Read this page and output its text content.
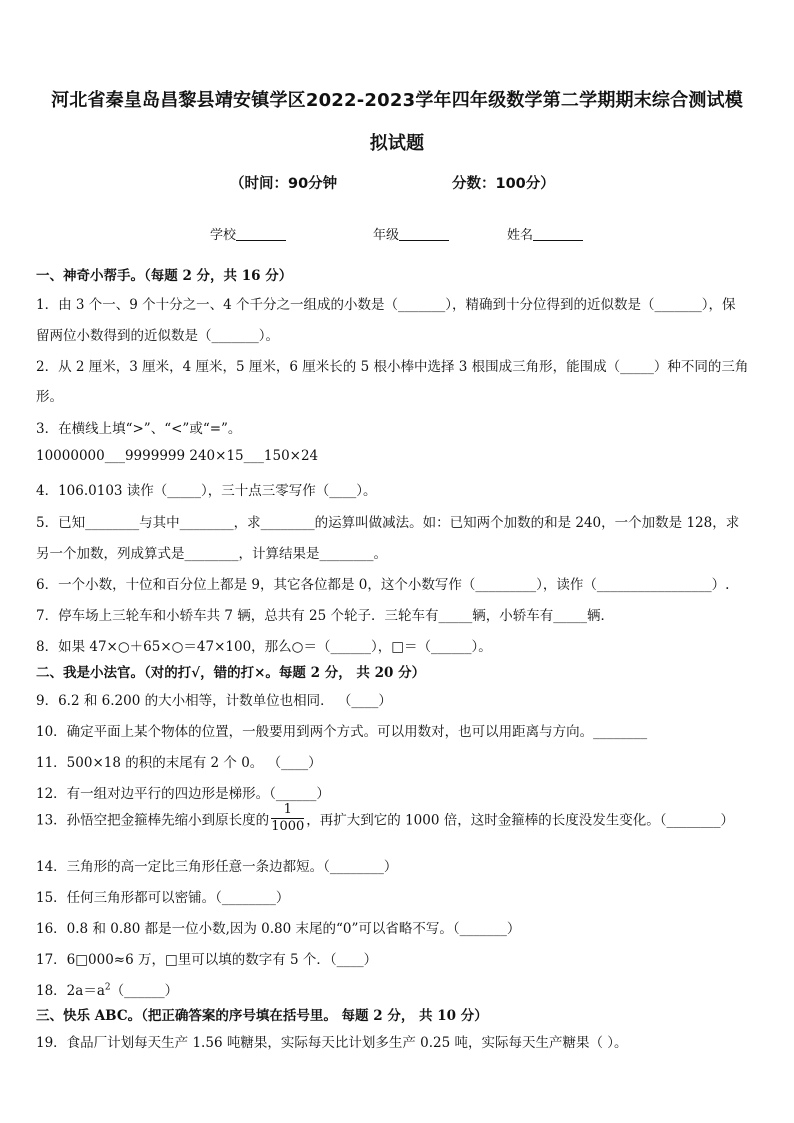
河北省秦皇岛昌黎县靖安镇学区2022-2023学年四年级数学第二学期期末综合测试模
拟试题
（时间：90分钟	分数：100分）
学校	年级	姓名
一、神奇小帮手。（每题 2 分，共 16 分）
1．由 3 个一、9 个十分之一、4 个千分之一组成的小数是（_______），精确到十分位得到的近似数是（_______），保
留两位小数得到的近似数是（_______）。
2．从 2 厘米，3 厘米，4 厘米，5 厘米，6 厘米长的 5 根小棒中选择 3 根围成三角形，能围成（_____）种不同的三角
形。
3．在横线上填“>”、“<”或“=”。
10000000___9999999 240×15___150×24
4．106.0103 读作（_____），三十点三零写作（____）。
5．已知________与其中________，求________的运算叫做减法。如：已知两个加数的和是 240，一个加数是 128，求
另一个加数，列成算式是________，计算结果是________。
6．一个小数，十位和百分位上都是 9，其它各位都是 0，这个小数写作（_________），读作（_________________）.
7．停车场上三轮车和小轿车共 7 辆，总共有 25 个轮子．三轮车有_____辆，小轿车有_____辆．
8．如果 47×○＋65×○＝47×100，那么○＝（______），□＝（______）。
二、我是小法官。（对的打√，错的打×。每题 2 分， 共 20 分）
9．6.2 和 6.200 的大小相等，计数单位也相同． （____）
10．确定平面上某个物体的位置，一般要用到两个方式。可以用数对，也可以用距离与方向。________
11．500×18 的积的末尾有 2 个 0。 （____）
12．有一组对边平行的四边形是梯形。（______）
13．孙悟空把金箍棒先缩小到原长度的 $\frac{1}{1000}$ ，再扩大到它的 1000 倍，这时金箍棒的长度没发生变化。（________）
14．三角形的高一定比三角形任意一条边都短。（________）
15．任何三角形都可以密铺。（________）
16．0.8 和 0.80 都是一位小数,因为 0.80 末尾的“0”可以省略不写。（_______）
17．6□000≈6 万，□里可以填的数字有 5 个．（____）
18．$2a=a^2(\_\_\_\_\_\_)$
三、快乐 ABC。（把正确答案的序号填在括号里。 每题 2 分， 共 10 分）
19．食品厂计划每天生产 1.56 吨糖果，实际每天比计划多生产 0.25 吨，实际每天生产糖果（ ）。
